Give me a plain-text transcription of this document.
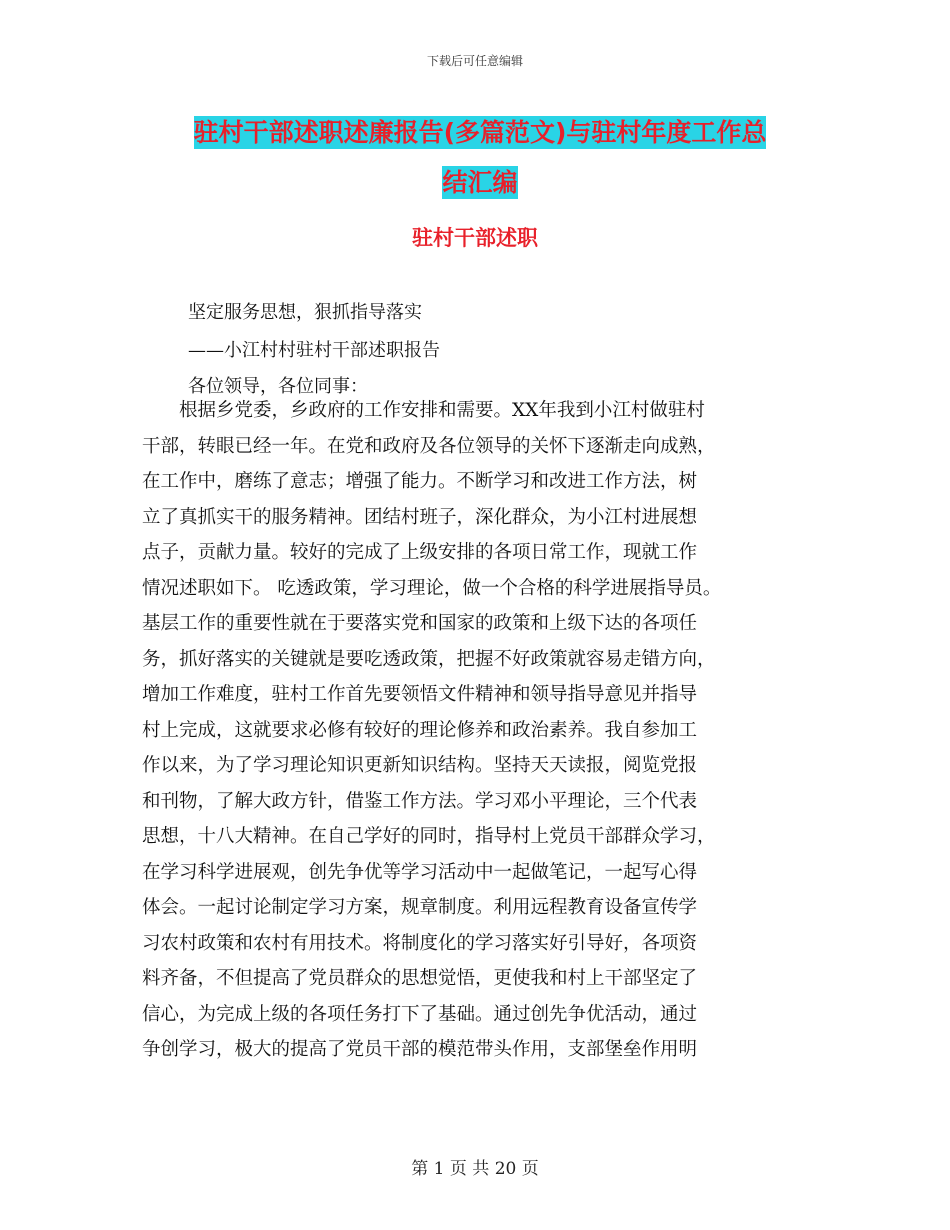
下载后可任意编辑
驻村干部述职述廉报告(多篇范文)与驻村年度工作总
结汇编
驻村干部述职
坚定服务思想，狠抓指导落实
——小江村村驻村干部述职报告
各位领导，各位同事：
　　根据乡党委，乡政府的工作安排和需要。XX年我到小江村做驻村
干部，转眼已经一年。在党和政府及各位领导的关怀下逐渐走向成熟，
在工作中，磨练了意志；增强了能力。不断学习和改进工作方法，树
立了真抓实干的服务精神。团结村班子，深化群众，为小江村进展想
点子，贡献力量。较好的完成了上级安排的各项日常工作，现就工作
情况述职如下。 吃透政策，学习理论，做一个合格的科学进展指导员。
基层工作的重要性就在于要落实党和国家的政策和上级下达的各项任
务，抓好落实的关键就是要吃透政策，把握不好政策就容易走错方向，
增加工作难度，驻村工作首先要领悟文件精神和领导指导意见并指导
村上完成，这就要求必修有较好的理论修养和政治素养。我自参加工
作以来，为了学习理论知识更新知识结构。坚持天天读报，阅览党报
和刊物，了解大政方针，借鉴工作方法。学习邓小平理论，三个代表
思想，十八大精神。在自己学好的同时，指导村上党员干部群众学习，
在学习科学进展观，创先争优等学习活动中一起做笔记，一起写心得
体会。一起讨论制定学习方案，规章制度。利用远程教育设备宣传学
习农村政策和农村有用技术。将制度化的学习落实好引导好，各项资
料齐备，不但提高了党员群众的思想觉悟，更使我和村上干部坚定了
信心，为完成上级的各项任务打下了基础。通过创先争优活动，通过
争创学习，极大的提高了党员干部的模范带头作用，支部堡垒作用明
第 1 页 共 20 页
